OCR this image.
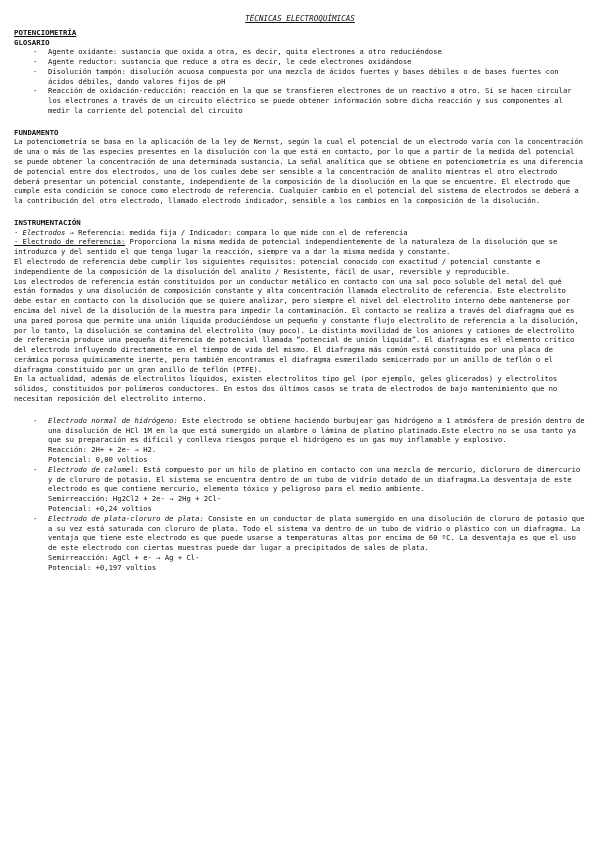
TÉCNICAS ELECTROQUÍMICAS
POTENCIOMETRÍA
GLOSARIO
- Agente oxidante: sustancia que oxida a otra, es decir, quita electrones a otro reduciéndose
- Agente reductor: sustancia que reduce a otra es decir, le cede electrones oxidándose
- Disolución tampón: disolución acuosa compuesta por una mezcla de ácidos fuertes y bases débiles o de bases fuertes con ácidos débiles, dando valores fijos de pH
- Reacción de oxidación-reducción: reacción en la que se transfieren electrones de un reactivo a otro. Si se hacen circular los electrones a través de un circuito eléctrico se puede obtener información sobre dicha reacción y sus componentes al medir la corriente del potencial del circuito
FUNDAMENTO

La potenciometría se basa en la aplicación de la ley de Nernst, según la cual el potencial de un electrodo varía con la concentración de una o más de las especies presentes en la disolución con la que está en contacto, por lo que a partir de la medida del potencial se puede obtener la concentración de una determinada sustancia. La señal analítica que se obtiene en potenciometría es una diferencia de potencial entre dos electrodos, uno de los cuales debe ser sensible a la concentración de analito mientras el otro electrodo deberá presentar un potencial constante, independiente de la composición de la disolución en la que se encuentre. El electrodo que cumple esta condición se conoce como electrodo de referencia. Cualquier cambio en el potencial del sistema de electrodos se deberá a la contribución del otro electrodo, llamado electrodo indicador, sensible a los cambios en la composición de la disolución.

INSTRUMENTACIÓN

· Electrodos → Referencia: medida fija / Indicador: compara lo que mide con el de referencia

- Electrodo de referencia: Proporciona la misma medida de potencial independientemente de la naturaleza de la disolución que se introduzca y del sentido el que tenga lugar la reacción, siempre va a dar la misma medida y constante.

El electrodo de referencia debe cumplir los siguientes requisitos: potencial conocido con exactitud / potencial constante e independiente de la composición de la disolución del analito / Resistente, fácil de usar, reversible y reproducible.

Los electrodos de referencia están constituidos por un conductor metálico en contacto con una sal poco soluble del metal del qué están formados y una disolución de composición constante y alta concentración llamada electrolito de referencia. Este electrolito debe estar en contacto con la disolución que se quiere analizar, pero siempre el nivel del electrolito interno debe mantenerse por encima del nivel de la disolución de la muestra para impedir la contaminación. El contacto se realiza a través del diafragma qué es una pared porosa que permite una unión líquida produciéndose un pequeño y constante flujo electrolito de referencia a la disolución, por lo tanto, la disolución se contamina del electrolito (muy poco). La distinta movilidad de los aniones y cationes de electrolito de referencia produce una pequeña diferencia de potencial llamada “potencial de unión líquida”. El diafragma es el elemento crítico del electrodo influyendo directamente en el tiempo de vida del mismo. El diafragma más común está constituido por una placa de cerámica porosa químicamente inerte, pero también encontramos el diafragma esmerilado semicerrado por un anillo de teflón o el diafragma constituido por un gran anillo de teflón (PTFE).

En la actualidad, además de electrolitos líquidos, existen electrolitos tipo gel (por ejemplo, geles glicerados) y electrolitos sólidos, constituidos por polímeros conductores. En estos dos últimos casos se trata de electrodos de bajo mantenimiento que no necesitan reposición del electrolito interno.

- Electrodo normal de hidrógeno: Este electrodo se obtiene haciendo burbujear gas hidrógeno a 1 atmósfera de presión dentro de una disolución de HCl 1M en la que está sumergido un alambre o lámina de platino platinado.Este electro no se usa tanto ya que su preparación es difícil y conlleva riesgos porque el hidrógeno es un gas muy inflamable y explosivo.
Reacción: 2H+ + 2e- → H2.
Potencial: 0,00 voltios
- Electrodo de calomel: Está compuesto por un hilo de platino en contacto con una mezcla de mercurio, dicloruro de dimercurio y de cloruro de potasio. El sistema se encuentra dentro de un tubo de vidrio dotado de un diafragma.La desventaja de este electrodo es que contiene mercurio, elemento tóxico y peligroso para el medio ambiente.
Semirreacción: Hg2Cl2 + 2e- → 2Hg + 2Cl-
Potencial: +0,24 voltios
- Electrodo de plata-cloruro de plata: Consiste en un conductor de plata sumergido en una disolución de cloruro de potasio que a su vez está saturada con cloruro de plata. Todo el sistema va dentro de un tubo de vidrio o plástico con un diafragma. La ventaja que tiene este electrodo es que puede usarse a temperaturas altas por encima de 60 ºC. La desventaja es que el uso de este electrodo con ciertas muestras puede dar lugar a precipitados de sales de plata.
Semirreacción: AgCl + e- → Ag + Cl-
Potencial: +0,197 voltios
